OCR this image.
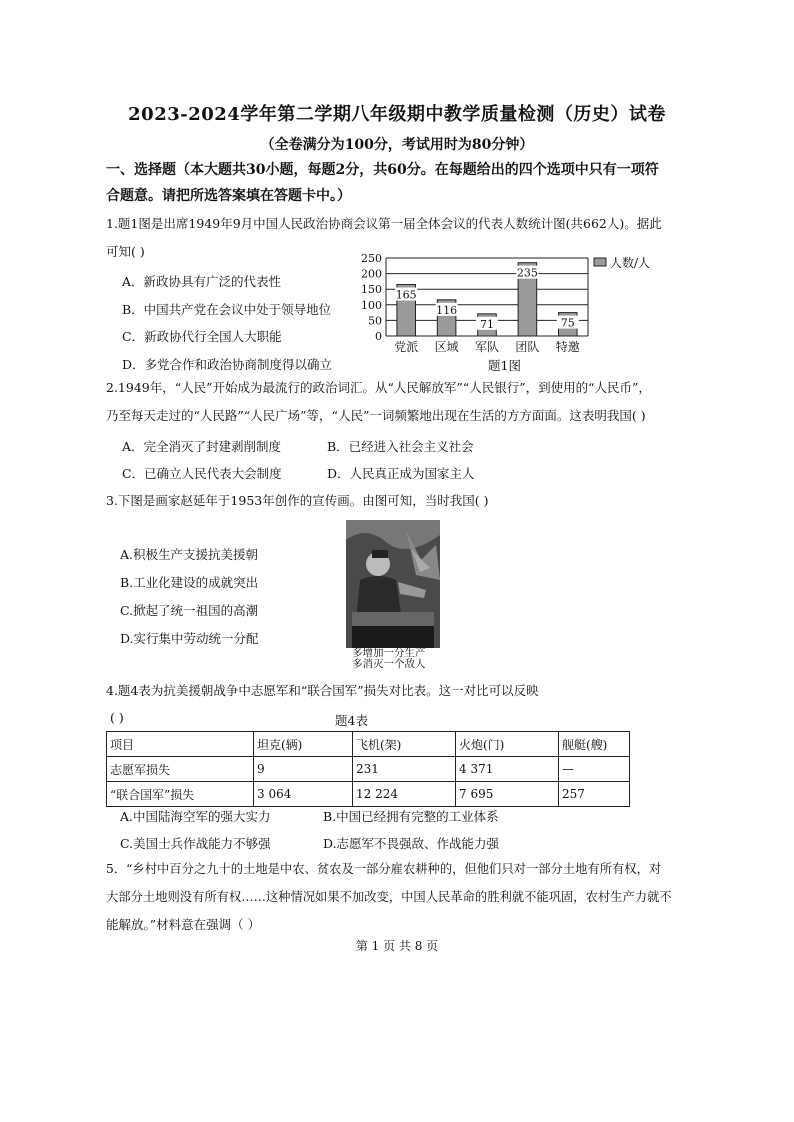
2023-2024学年第二学期八年级期中教学质量检测（历史）试卷
（全卷满分为100分，考试用时为80分钟）
一、选择题（本大题共30小题，每题2分，共60分。在每题给出的四个选项中只有一项符
合题意。请把所选答案填在答题卡中。）
1.题1图是出席1949年9月中国人民政治协商会议第一届全体会议的代表人数统计图(共662人)。据此
可知( )
A．新政协具有广泛的代表性
B．中国共产党在会议中处于领导地位
C．新政协代行全国人大职能
D．多党合作和政治协商制度得以确立
0
50
100
150
200
250
165
116
71
235
75
党派 区域 军队 团队 特邀
人数/人
题1图
2.1949年，“人民”开始成为最流行的政治词汇。从“人民解放军”“人民银行”，到使用的“人民币”，
乃至每天走过的“人民路”“人民广场”等，“人民”一词频繁地出现在生活的方方面面。这表明我国( )
A．完全消灭了封建剥削制度	B．已经进入社会主义社会
C．已确立人民代表大会制度	D．人民真正成为国家主人
3.下图是画家赵延年于1953年创作的宣传画。由图可知，当时我国( )
A.积极生产支援抗美援朝
B.工业化建设的成就突出
C.掀起了统一祖国的高潮
D.实行集中劳动统一分配
多增加一分生产
多消灭一个敌人
4.题4表为抗美援朝战争中志愿军和“联合国军”损失对比表。这一对比可以反映
( )	题4表
项目	坦克(辆)	飞机(架)	火炮(门)	舰艇(艘)
志愿军损失	9	231	4 371	—
“联合国军”损失	3 064	12 224	7 695	257
A.中国陆海空军的强大实力	B.中国已经拥有完整的工业体系
C.美国士兵作战能力不够强	D.志愿军不畏强敌、作战能力强
5．“乡村中百分之九十的土地是中农、贫农及一部分雇农耕种的，但他们只对一部分土地有所有权，对
大部分土地则没有所有权……这种情况如果不加改变，中国人民革命的胜利就不能巩固，农村生产力就不
能解放。”材料意在强调（ ）
第 1 页 共 8 页
